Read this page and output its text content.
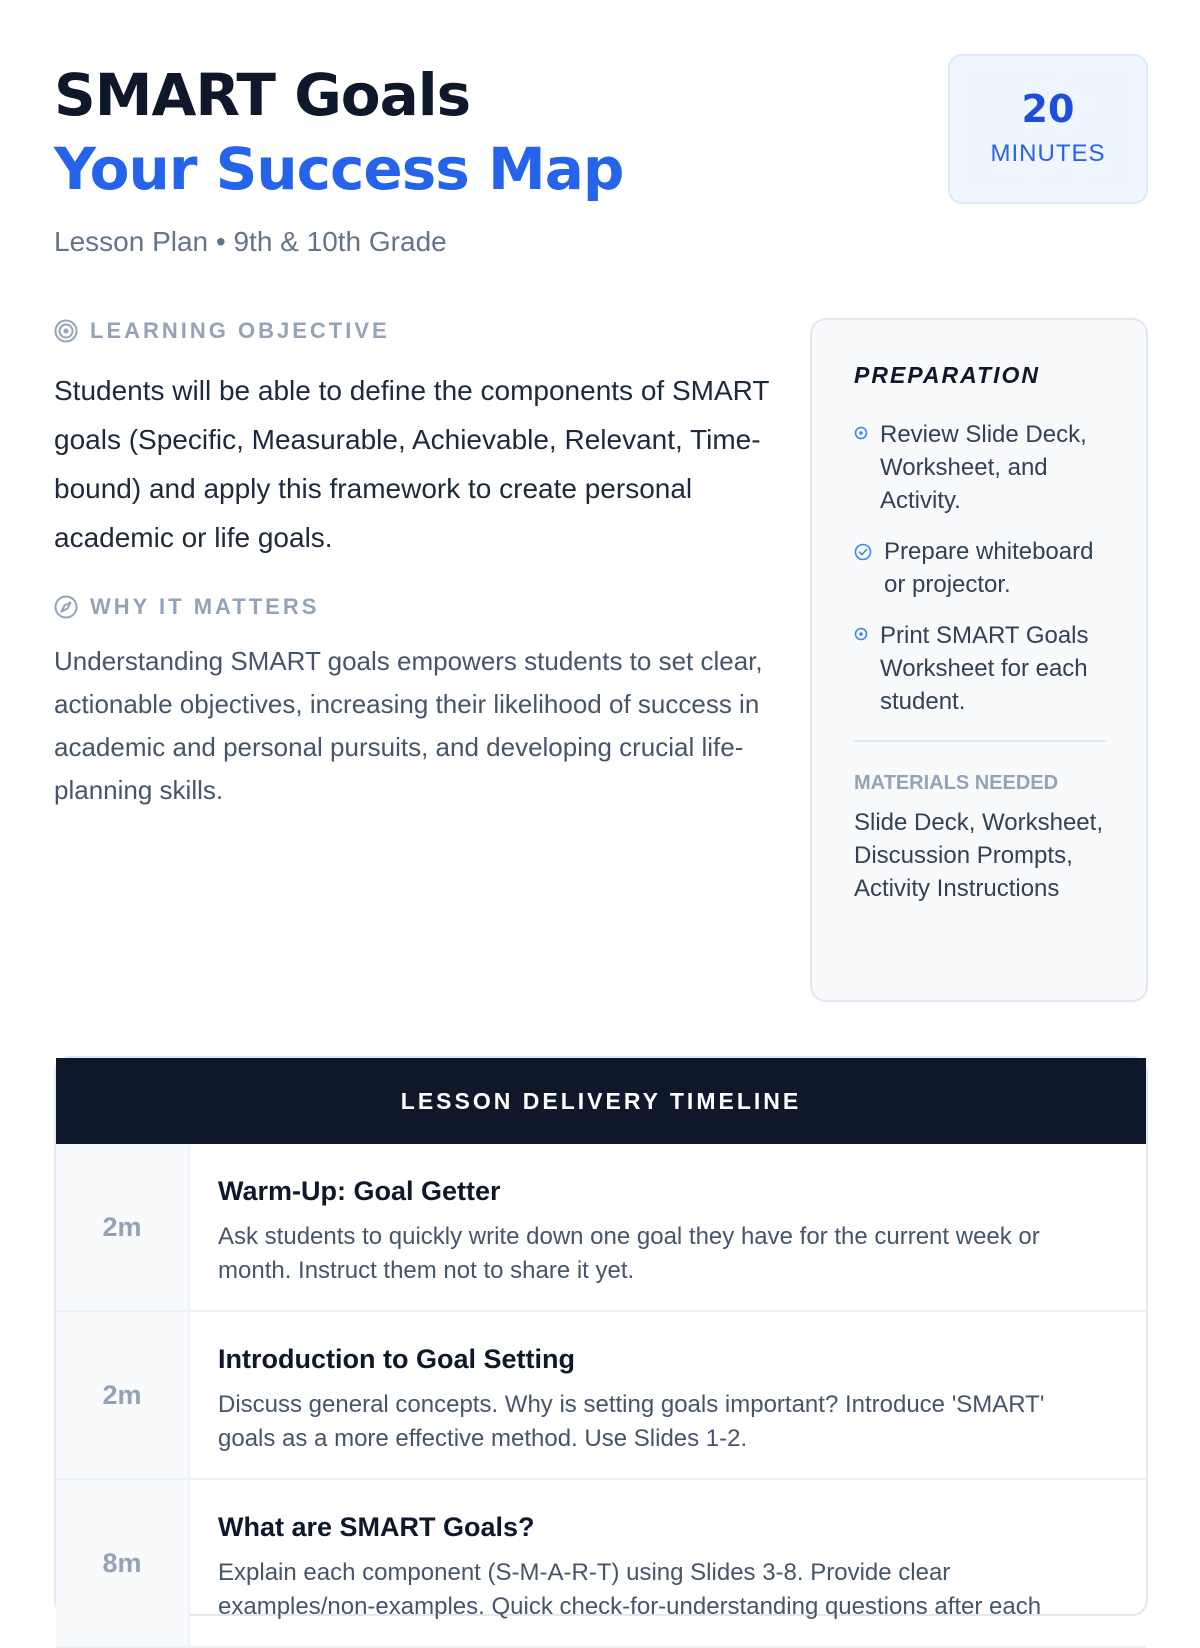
SMART Goals
Your Success Map
Lesson Plan • 9th & 10th Grade
20
MINUTES
LEARNING OBJECTIVE

Students will be able to define the components of SMART goals (Specific, Measurable, Achievable, Relevant, Time-bound) and apply this framework to create personal academic or life goals.

WHY IT MATTERS

Understanding SMART goals empowers students to set clear, actionable objectives, increasing their likelihood of success in academic and personal pursuits, and developing crucial life-planning skills.

PREPARATION
Review Slide Deck, Worksheet, and Activity.
Prepare whiteboard or projector.
Print SMART Goals Worksheet for each student.
MATERIALS NEEDED
Slide Deck, Worksheet, Discussion Prompts, Activity Instructions
LESSON DELIVERY TIMELINE
2m
Warm-Up: Goal Getter
Ask students to quickly write down one goal they have for the current week or month. Instruct them not to share it yet.
2m
Introduction to Goal Setting
Discuss general concepts. Why is setting goals important? Introduce 'SMART' goals as a more effective method. Use Slides 1-2.
8m
What are SMART Goals?
Explain each component (S-M-A-R-T) using Slides 3-8. Provide clear examples/non-examples. Quick check-for-understanding questions after each
